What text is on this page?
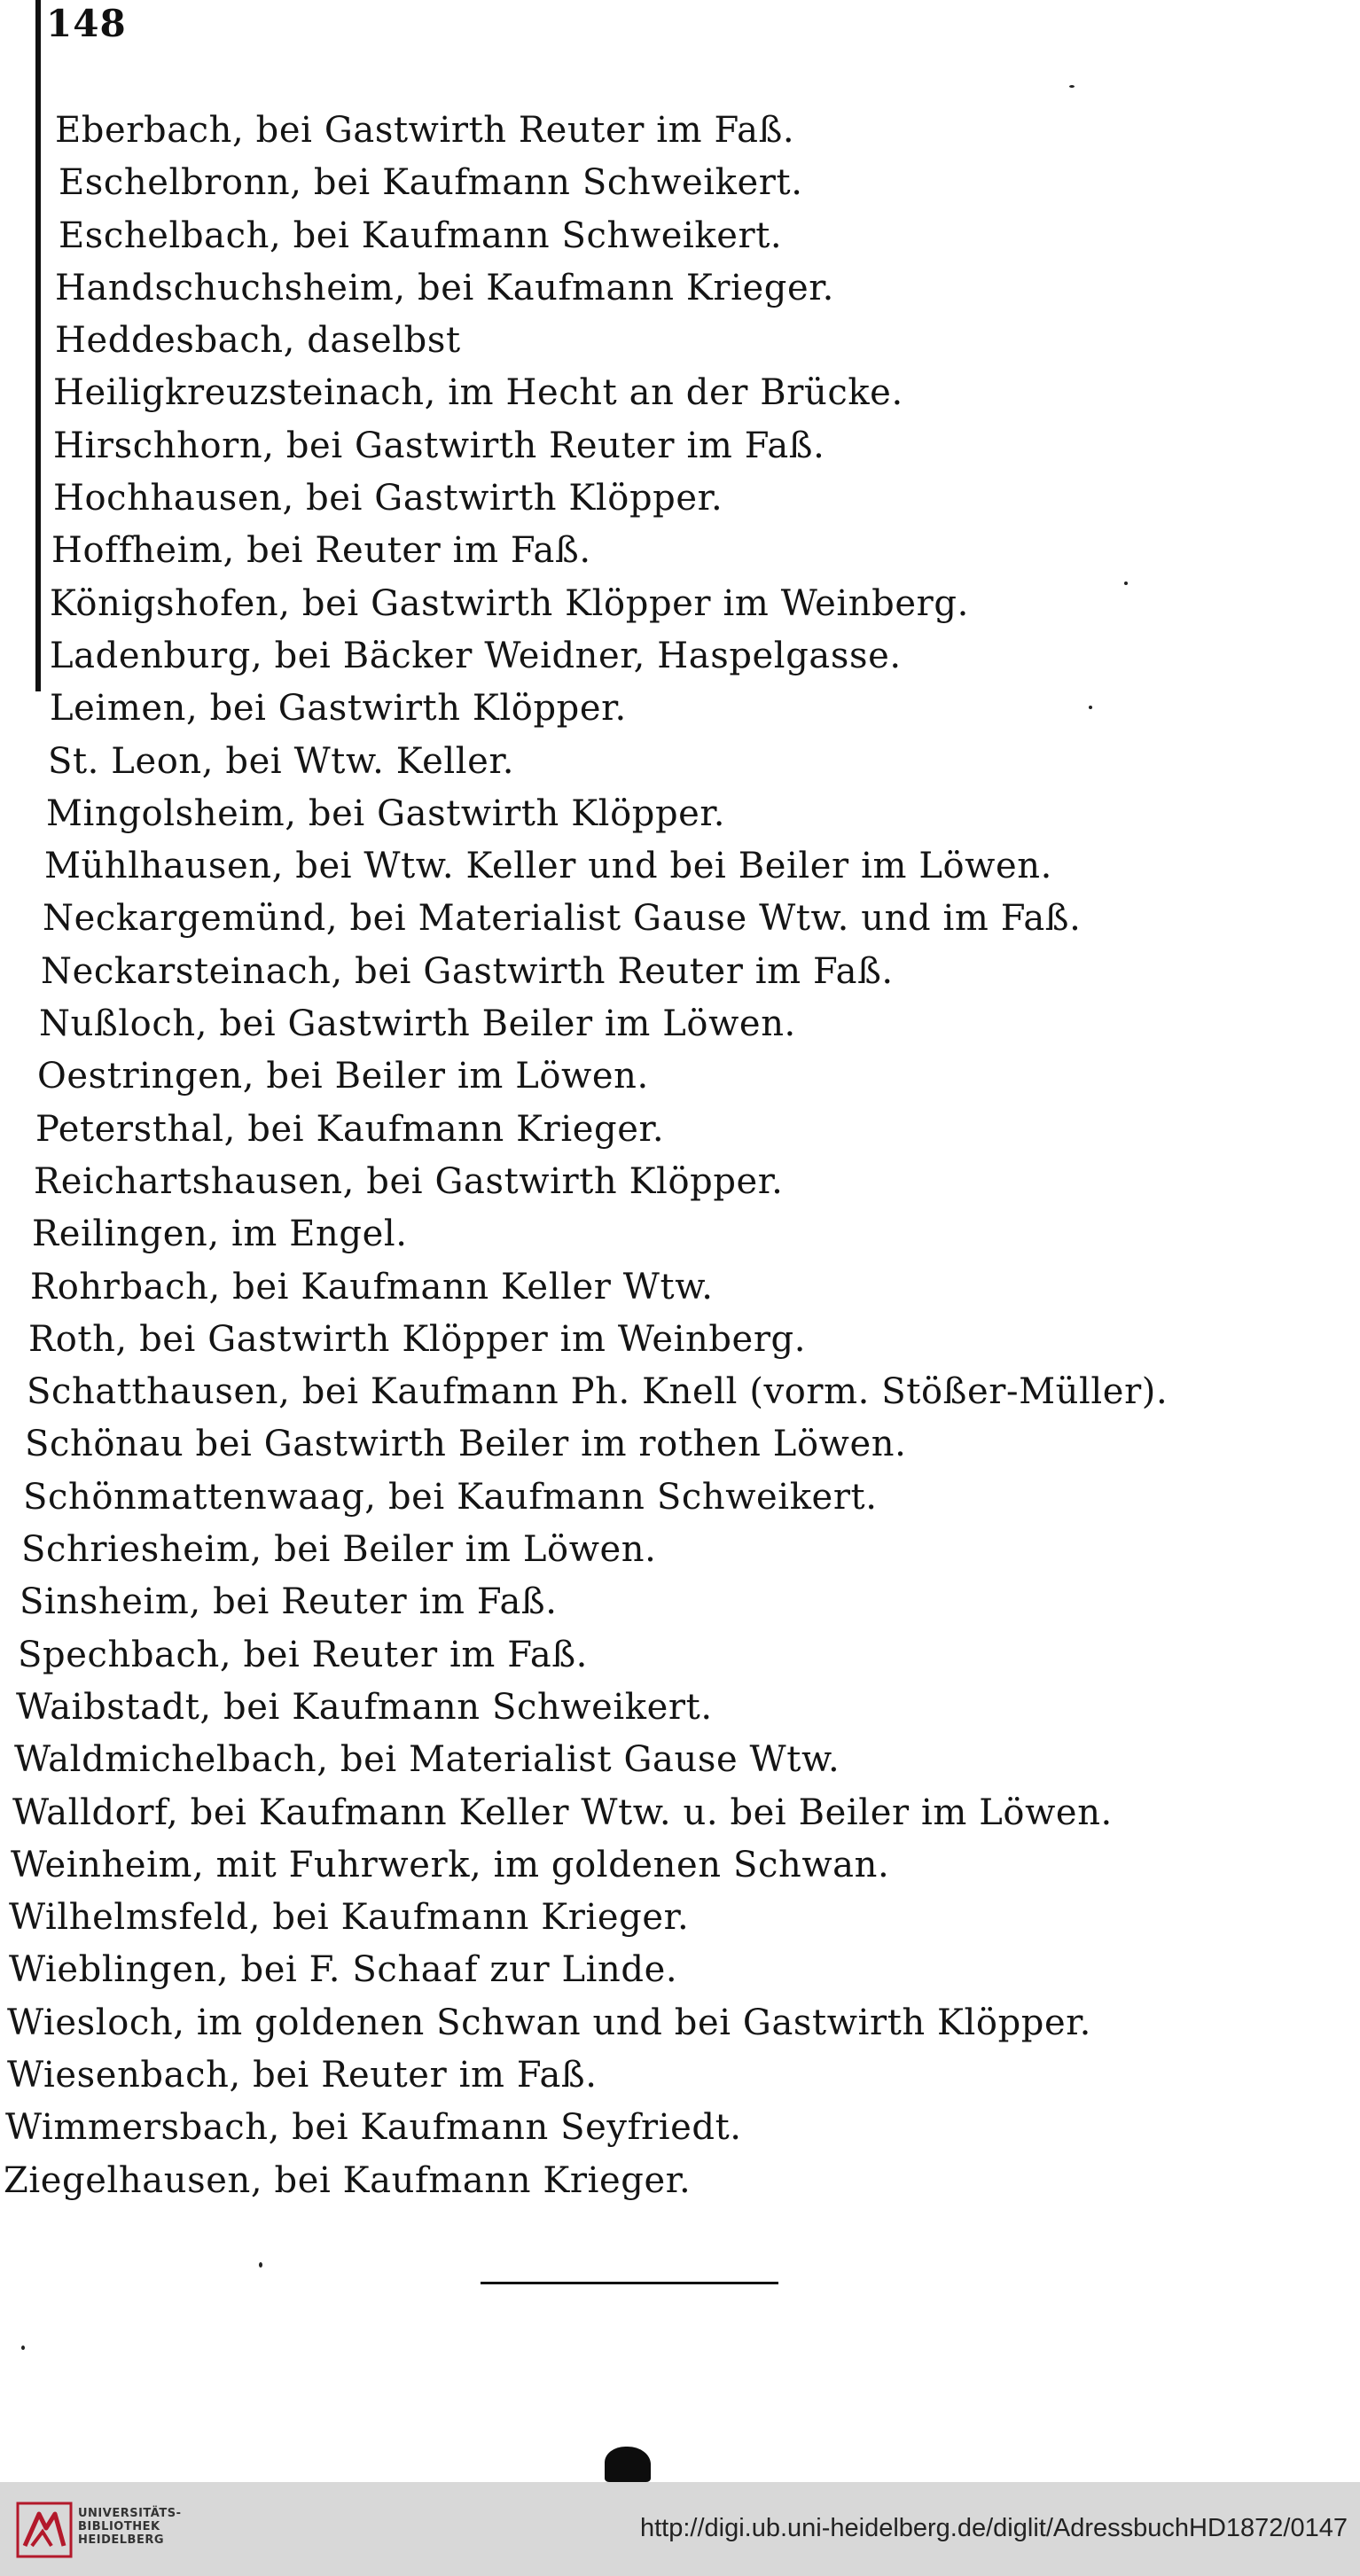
148
Eberbach, bei Gastwirth Reuter im Faß.
Eschelbronn, bei Kaufmann Schweikert.
Eschelbach, bei Kaufmann Schweikert.
Handschuchsheim, bei Kaufmann Krieger.
Heddesbach, daselbst
Heiligkreuzsteinach, im Hecht an der Brücke.
Hirschhorn, bei Gastwirth Reuter im Faß.
Hochhausen, bei Gastwirth Klöpper.
Hoffheim, bei Reuter im Faß.
Königshofen, bei Gastwirth Klöpper im Weinberg.
Ladenburg, bei Bäcker Weidner, Haspelgasse.
Leimen, bei Gastwirth Klöpper.
St. Leon, bei Wtw. Keller.
Mingolsheim, bei Gastwirth Klöpper.
Mühlhausen, bei Wtw. Keller und bei Beiler im Löwen.
Neckargemünd, bei Materialist Gause Wtw. und im Faß.
Neckarsteinach, bei Gastwirth Reuter im Faß.
Nußloch, bei Gastwirth Beiler im Löwen.
Oestringen, bei Beiler im Löwen.
Petersthal, bei Kaufmann Krieger.
Reichartshausen, bei Gastwirth Klöpper.
Reilingen, im Engel.
Rohrbach, bei Kaufmann Keller Wtw.
Roth, bei Gastwirth Klöpper im Weinberg.
Schatthausen, bei Kaufmann Ph. Knell (vorm. Stößer-Müller).
Schönau bei Gastwirth Beiler im rothen Löwen.
Schönmattenwaag, bei Kaufmann Schweikert.
Schriesheim, bei Beiler im Löwen.
Sinsheim, bei Reuter im Faß.
Spechbach, bei Reuter im Faß.
Waibstadt, bei Kaufmann Schweikert.
Waldmichelbach, bei Materialist Gause Wtw.
Walldorf, bei Kaufmann Keller Wtw. u. bei Beiler im Löwen.
Weinheim, mit Fuhrwerk, im goldenen Schwan.
Wilhelmsfeld, bei Kaufmann Krieger.
Wieblingen, bei F. Schaaf zur Linde.
Wiesloch, im goldenen Schwan und bei Gastwirth Klöpper.
Wiesenbach, bei Reuter im Faß.
Wimmersbach, bei Kaufmann Seyfriedt.
Ziegelhausen, bei Kaufmann Krieger.
UNIVERSITÄTS-
BIBLIOTHEK
HEIDELBERG	http://digi.ub.uni-heidelberg.de/diglit/AdressbuchHD1872/0147
